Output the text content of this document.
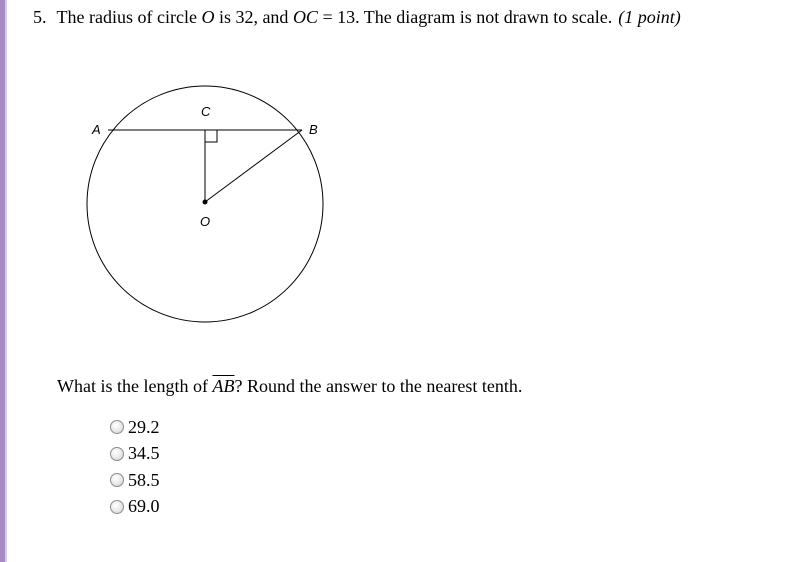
5. The radius of circle O is 32, and OC = 13. The diagram is not drawn to scale. (1 point)
A	B
C
O
What is the length of $\overline{AB}$? Round the answer to the nearest tenth.
29.2
34.5
58.5
69.0
